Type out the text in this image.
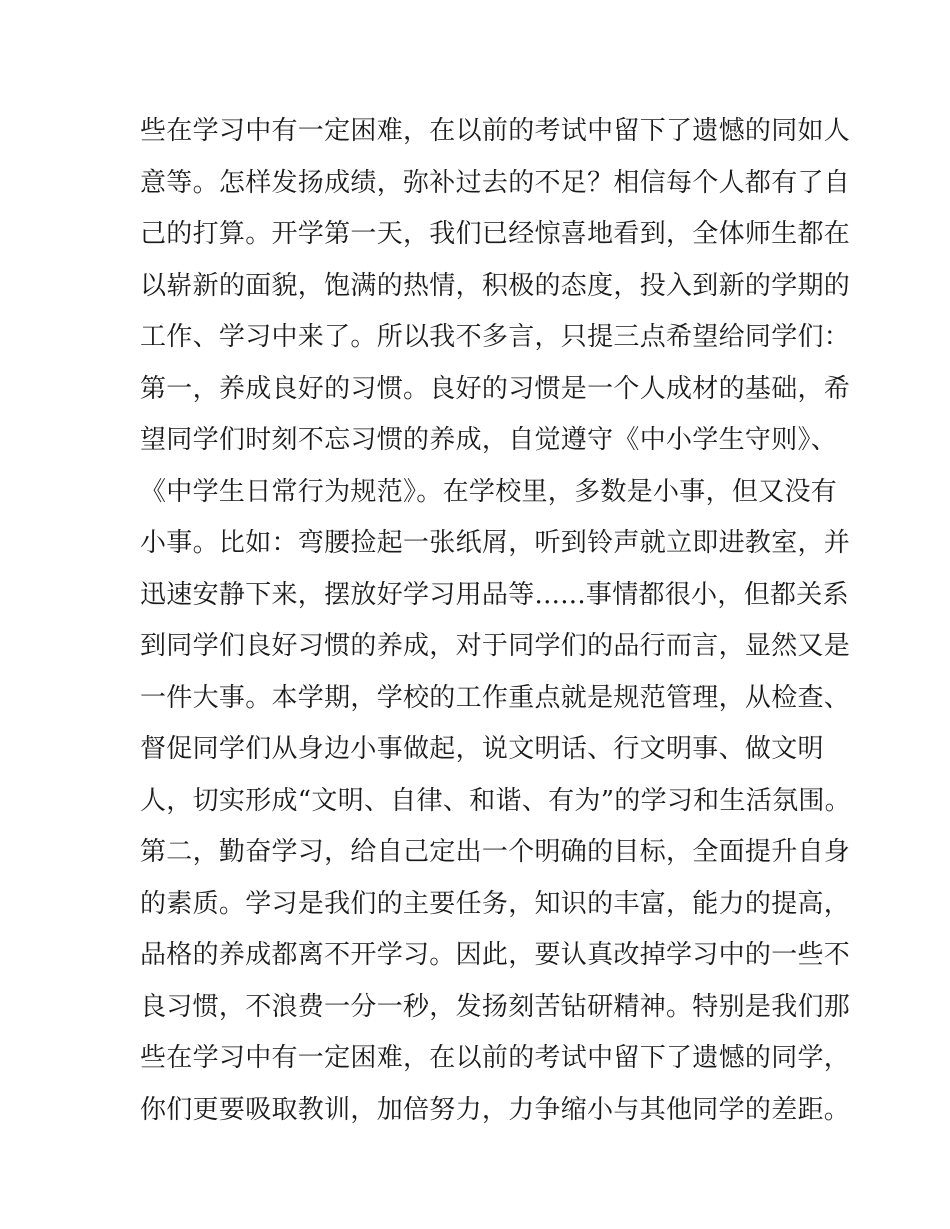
些在学习中有一定困难，在以前的考试中留下了遗憾的同如人
意等。怎样发扬成绩，弥补过去的不足？相信每个人都有了自
己的打算。开学第一天，我们已经惊喜地看到，全体师生都在
以崭新的面貌，饱满的热情，积极的态度，投入到新的学期的
工作、学习中来了。所以我不多言，只提三点希望给同学们：
第一，养成良好的习惯。良好的习惯是一个人成材的基础，希
望同学们时刻不忘习惯的养成，自觉遵守《中小学生守则》、
《中学生日常行为规范》。在学校里，多数是小事，但又没有
小事。比如：弯腰捡起一张纸屑，听到铃声就立即进教室，并
迅速安静下来，摆放好学习用品等......事情都很小，但都关系
到同学们良好习惯的养成，对于同学们的品行而言，显然又是
一件大事。本学期，学校的工作重点就是规范管理，从检查、
督促同学们从身边小事做起，说文明话、行文明事、做文明
人，切实形成“文明、自律、和谐、有为”的学习和生活氛围。
第二，勤奋学习，给自己定出一个明确的目标，全面提升自身
的素质。学习是我们的主要任务，知识的丰富，能力的提高，
品格的养成都离不开学习。因此，要认真改掉学习中的一些不
良习惯，不浪费一分一秒，发扬刻苦钻研精神。特别是我们那
些在学习中有一定困难，在以前的考试中留下了遗憾的同学，
你们更要吸取教训，加倍努力，力争缩小与其他同学的差距。
